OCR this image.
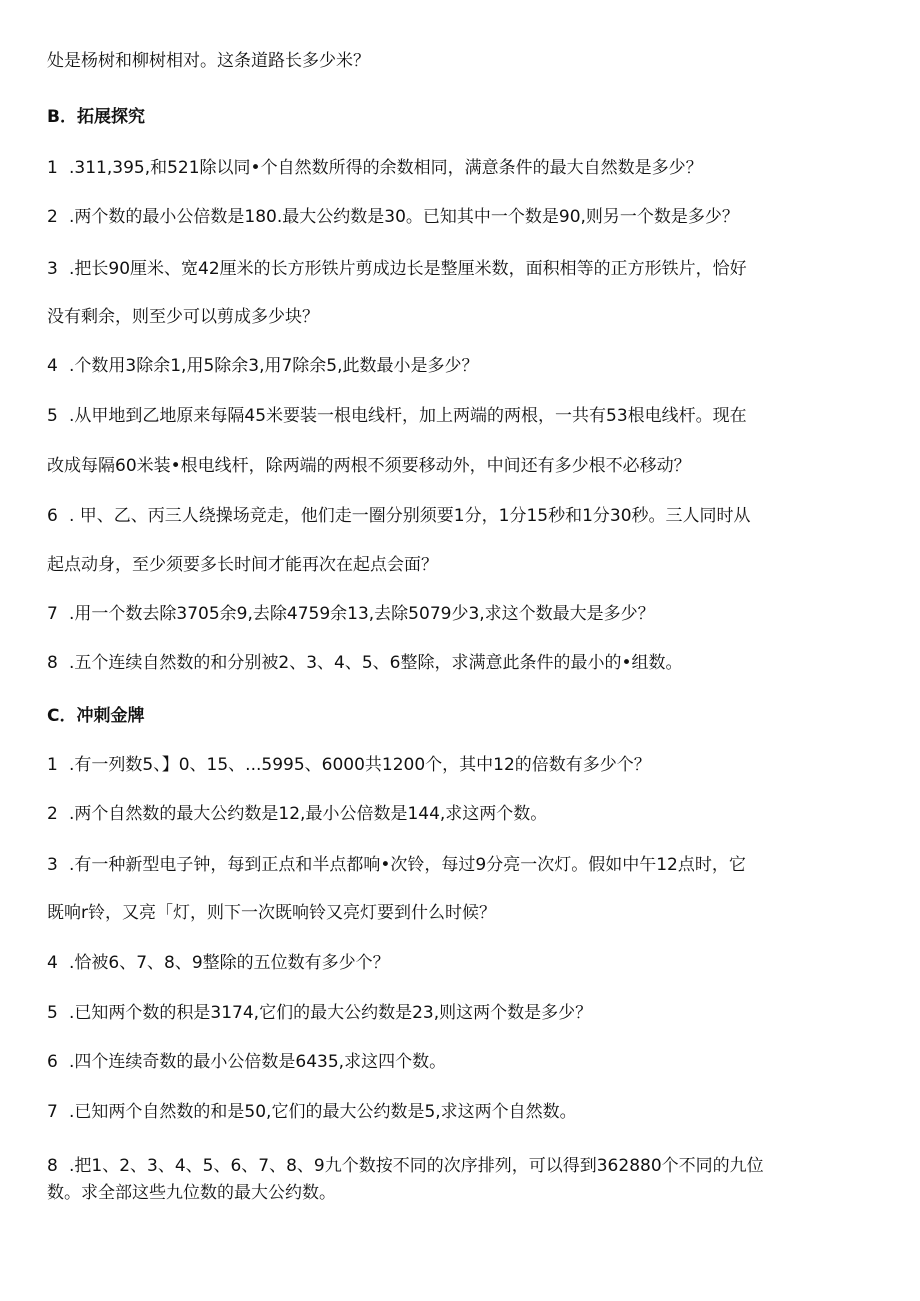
处是杨树和柳树相对。这条道路长多少米？
B．拓展探究
1 .311,395,和521除以同•个自然数所得的余数相同，满意条件的最大自然数是多少？
2 .两个数的最小公倍数是180.最大公约数是30。已知其中一个数是90,则另一个数是多少？
3 .把长90厘米、宽42厘米的长方形铁片剪成边长是整厘米数，面积相等的正方形铁片，恰好
没有剩余，则至少可以剪成多少块？
4 .个数用3除余1,用5除余3,用7除余5,此数最小是多少？
5 .从甲地到乙地原来每隔45米要装一根电线杆，加上两端的两根，一共有53根电线杆。现在
改成每隔60米装•根电线杆，除两端的两根不须要移动外，中间还有多少根不必移动？
6 . 甲、乙、丙三人绕操场竞走，他们走一圈分别须要1分，1分15秒和1分30秒。三人同时从
起点动身，至少须要多长时间才能再次在起点会面？
7 .用一个数去除3705余9,去除4759余13,去除5079少3,求这个数最大是多少？
8 .五个连续自然数的和分别被2、3、4、5、6整除，求满意此条件的最小的•组数。
C．冲刺金牌
1 .有一列数5、】0、15、...5995、6000共1200个，其中12的倍数有多少个？
2 .两个自然数的最大公约数是12,最小公倍数是144,求这两个数。
3 .有一种新型电子钟，每到正点和半点都响•次铃，每过9分亮一次灯。假如中午12点时，它
既响r铃，又亮「灯，则下一次既响铃又亮灯要到什么时候？
4 .恰被6、7、8、9整除的五位数有多少个？
5 .已知两个数的积是3174,它们的最大公约数是23,则这两个数是多少？
6 .四个连续奇数的最小公倍数是6435,求这四个数。
7 .已知两个自然数的和是50,它们的最大公约数是5,求这两个自然数。
8 .把1、2、3、4、5、6、7、8、9九个数按不同的次序排列，可以得到362880个不同的九位
数。求全部这些九位数的最大公约数。
